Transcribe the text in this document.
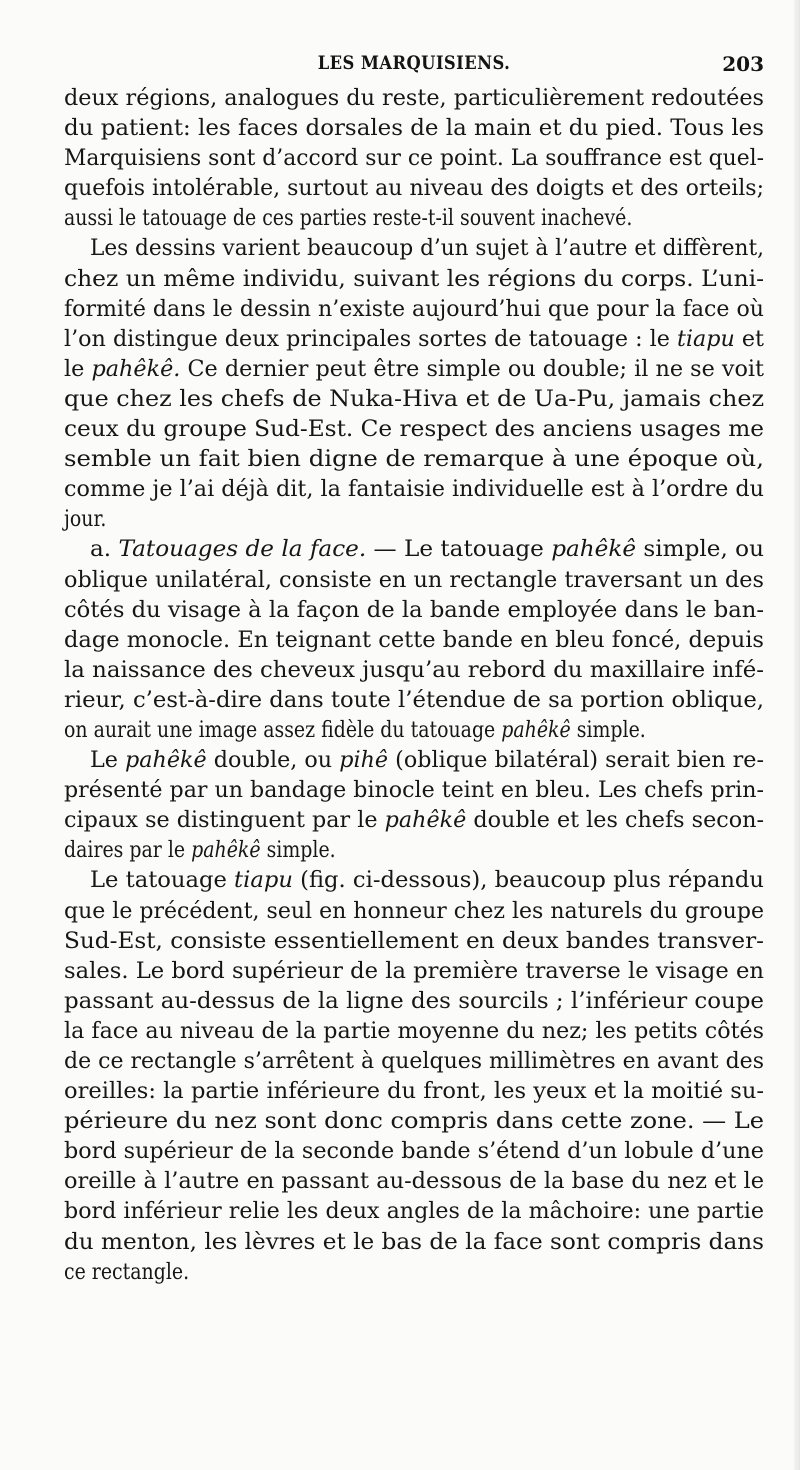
LES MARQUISIENS.	203
deux régions, analogues du reste, particulièrement redoutées
du patient: les faces dorsales de la main et du pied. Tous les
Marquisiens sont d’accord sur ce point. La souffrance est quel-
quefois intolérable, surtout au niveau des doigts et des orteils;
aussi le tatouage de ces parties reste-t-il souvent inachevé.
Les dessins varient beaucoup d’un sujet à l’autre et diffèrent,
chez un même individu, suivant les régions du corps. L’uni-
formité dans le dessin n’existe aujourd’hui que pour la face où
l’on distingue deux principales sortes de tatouage : le tiapu et
le pahêkê. Ce dernier peut être simple ou double; il ne se voit
que chez les chefs de Nuka-Hiva et de Ua-Pu, jamais chez
ceux du groupe Sud-Est. Ce respect des anciens usages me
semble un fait bien digne de remarque à une époque où,
comme je l’ai déjà dit, la fantaisie individuelle est à l’ordre du
jour.
a. Tatouages de la face. — Le tatouage pahêkê simple, ou
oblique unilatéral, consiste en un rectangle traversant un des
côtés du visage à la façon de la bande employée dans le ban-
dage monocle. En teignant cette bande en bleu foncé, depuis
la naissance des cheveux jusqu’au rebord du maxillaire infé-
rieur, c’est-à-dire dans toute l’étendue de sa portion oblique,
on aurait une image assez fidèle du tatouage pahêkê simple.
Le pahêkê double, ou pihê (oblique bilatéral) serait bien re-
présenté par un bandage binocle teint en bleu. Les chefs prin-
cipaux se distinguent par le pahêkê double et les chefs secon-
daires par le pahêkê simple.
Le tatouage tiapu (fig. ci-dessous), beaucoup plus répandu
que le précédent, seul en honneur chez les naturels du groupe
Sud-Est, consiste essentiellement en deux bandes transver-
sales. Le bord supérieur de la première traverse le visage en
passant au-dessus de la ligne des sourcils ; l’inférieur coupe
la face au niveau de la partie moyenne du nez; les petits côtés
de ce rectangle s’arrêtent à quelques millimètres en avant des
oreilles: la partie inférieure du front, les yeux et la moitié su-
périeure du nez sont donc compris dans cette zone. — Le
bord supérieur de la seconde bande s’étend d’un lobule d’une
oreille à l’autre en passant au-dessous de la base du nez et le
bord inférieur relie les deux angles de la mâchoire: une partie
du menton, les lèvres et le bas de la face sont compris dans
ce rectangle.
